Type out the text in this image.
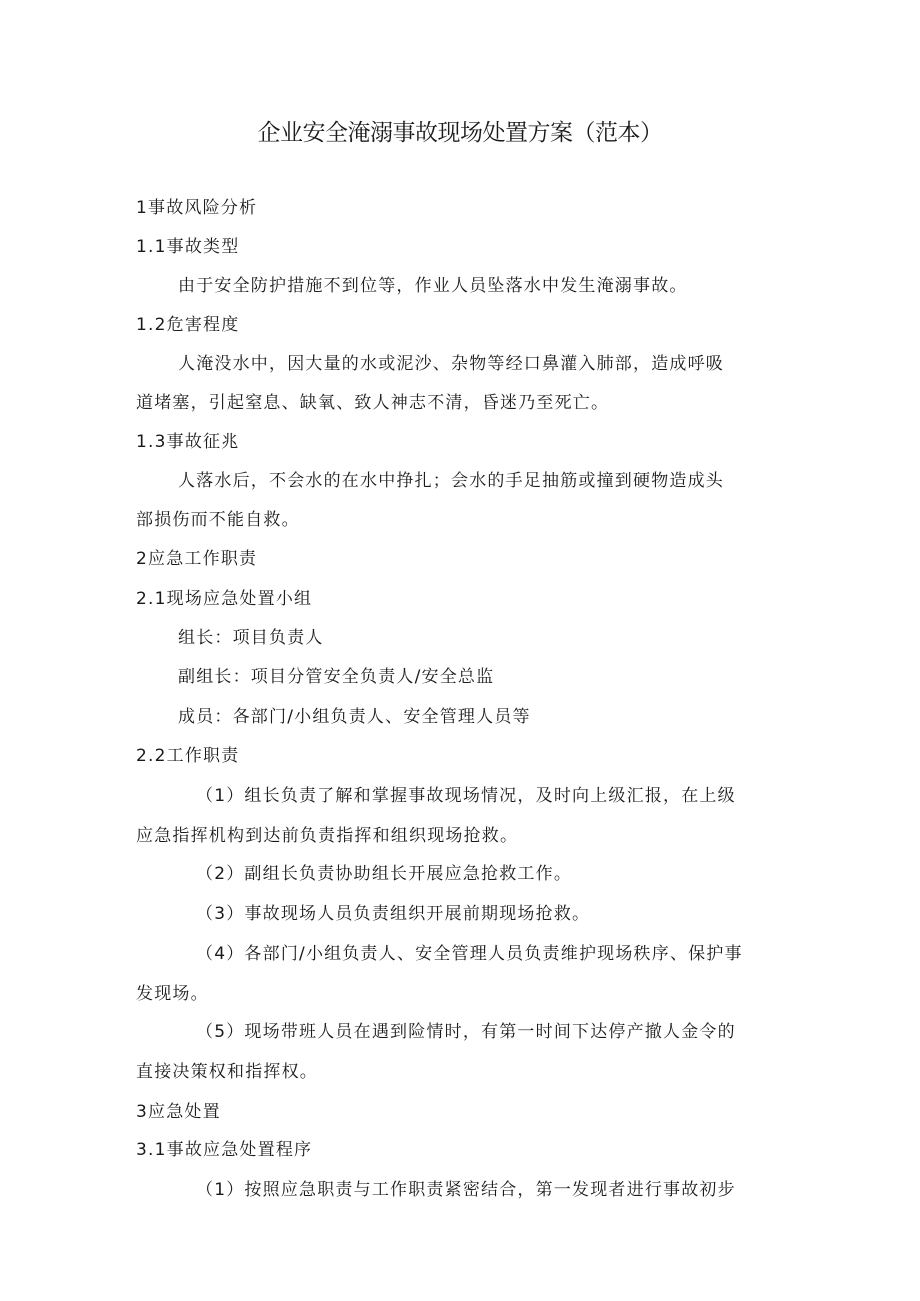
企业安全淹溺事故现场处置方案（范本）
1事故风险分析
1.1事故类型
由于安全防护措施不到位等，作业人员坠落水中发生淹溺事故。
1.2危害程度
人淹没水中，因大量的水或泥沙、杂物等经口鼻灌入肺部，造成呼吸
道堵塞，引起窒息、缺氧、致人神志不清，昏迷乃至死亡。
1.3事故征兆
人落水后，不会水的在水中挣扎；会水的手足抽筋或撞到硬物造成头
部损伤而不能自救。
2应急工作职责
2.1现场应急处置小组
组长：项目负责人
副组长：项目分管安全负责人/安全总监
成员：各部门/小组负责人、安全管理人员等
2.2工作职责
（1）组长负责了解和掌握事故现场情况，及时向上级汇报，在上级
应急指挥机构到达前负责指挥和组织现场抢救。
（2）副组长负责协助组长开展应急抢救工作。
（3）事故现场人员负责组织开展前期现场抢救。
（4）各部门/小组负责人、安全管理人员负责维护现场秩序、保护事
发现场。
（5）现场带班人员在遇到险情时，有第一时间下达停产撤人金令的
直接决策权和指挥权。
3应急处置
3.1事故应急处置程序
（1）按照应急职责与工作职责紧密结合，第一发现者进行事故初步
